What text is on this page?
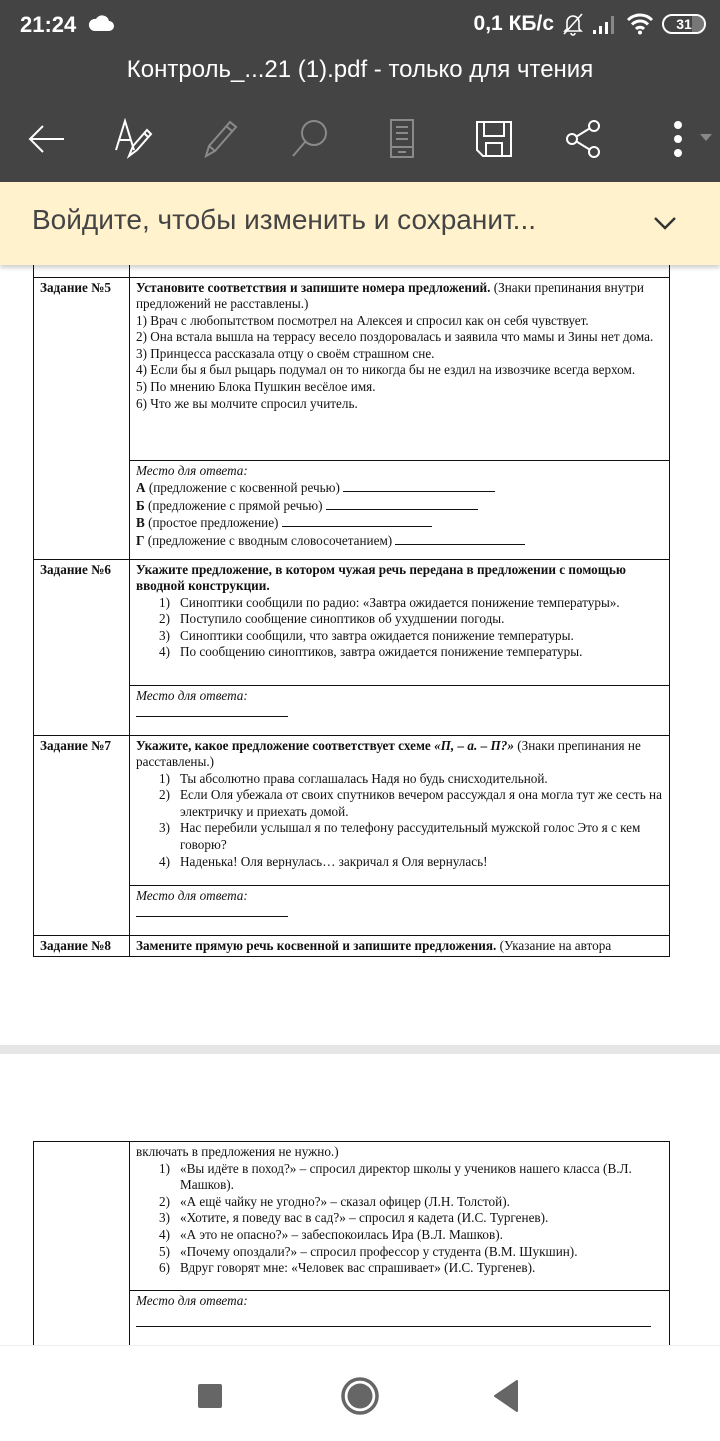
21:24	0,1 КБ/с	31
Контроль_...21 (1).pdf - только для чтения
Войдите, чтобы изменить и сохранит...

Задание №5	Установите соответствия и запишите номера предложений. (Знаки препинания внутри предложений не расставлены.)

1) Врач с любопытством посмотрел на Алексея и спросил как он себя чувствует.

2) Она встала вышла на террасу весело поздоровалась и заявила что мамы и Зины нет дома.

3) Принцесса рассказала отцу о своём страшном сне.

4) Если бы я был рыцарь подумал он то никогда бы не ездил на извозчике всегда верхом.

5) По мнению Блока Пушкин весёлое имя.

6) Что же вы молчите спросил учитель.

	Место для ответа:
А (предложение с косвенной речью)
Б (предложение с прямой речью)
В (простое предложение)
Г (предложение с вводным словосочетанием)

Задание №6	Укажите предложение, в котором чужая речь передана в предложении с помощью вводной конструкции.
1) Синоптики сообщили по радио: «Завтра ожидается понижение температуры».
2) Поступило сообщение синоптиков об ухудшении погоды.
3) Синоптики сообщили, что завтра ожидается понижение температуры.
4) По сообщению синоптиков, завтра ожидается понижение температуры.

	Место для ответа:

Задание №7	Укажите, какое предложение соответствует схеме «П, – а. – П?» (Знаки препинания не расставлены.)
1) Ты абсолютно права соглашалась Надя но будь снисходительной.
2) Если Оля убежала от своих спутников вечером рассуждал я она могла тут же сесть на электричку и приехать домой.
3) Нас перебили услышал я по телефону рассудительный мужской голос Это я с кем говорю?
4) Наденька! Оля вернулась… закричал я Оля вернулась!

	Место для ответа:

Задание №8	Замените прямую речь косвенной и запишите предложения. (Указание на автора

включать в предложения не нужно.)
1) «Вы идёте в поход?» – спросил директор школы у учеников нашего класса (В.Л. Машков).
2) «А ещё чайку не угодно?» – сказал офицер (Л.Н. Толстой).
3) «Хотите, я поведу вас в сад?» – спросил я кадета (И.С. Тургенев).
4) «А это не опасно?» – забеспокоилась Ира (В.Л. Машков).
5) «Почему опоздали?» – спросил профессор у студента (В.М. Шукшин).
6) Вдруг говорят мне: «Человек вас спрашивает» (И.С. Тургенев).

Место для ответа:
